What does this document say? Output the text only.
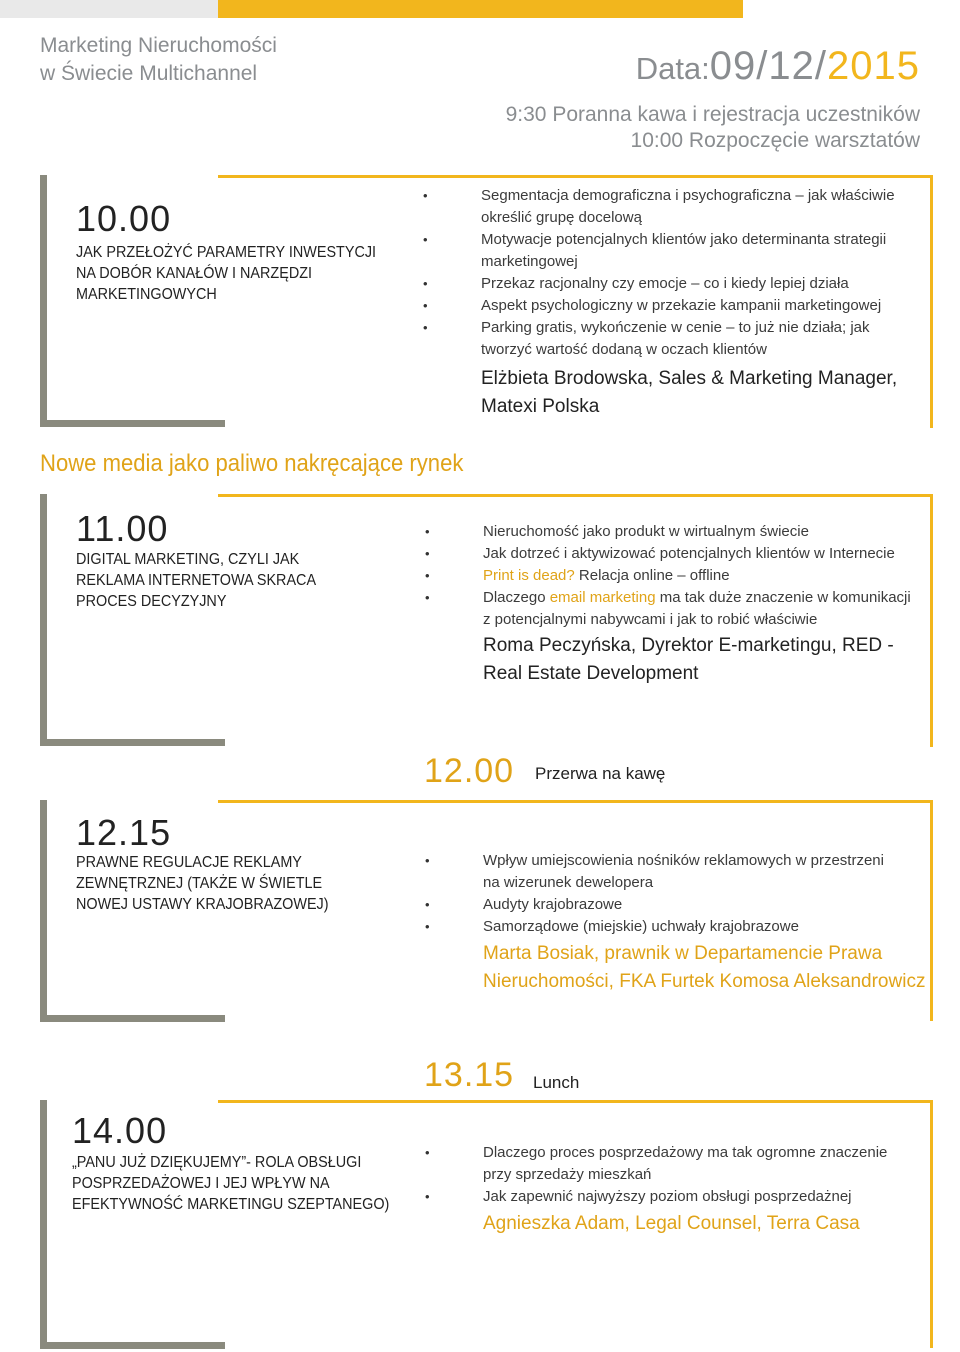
Marketing Nieruchomości
w Świecie Multichannel	Data:09/12/2015
9:30 Poranna kawa i rejestracja uczestników
10:00 Rozpoczęcie warsztatów
10.00
JAK PRZEŁOŻYĆ PARAMETRY INWESTYCJI
NA DOBÓR KANAŁÓW I NARZĘDZI
MARKETINGOWYCH
•	Segmentacja demograficzna i psychograficzna – jak właściwie
określić grupę docelową
•	Motywacje potencjalnych klientów jako determinanta strategii
marketingowej
•	Przekaz racjonalny czy emocje – co i kiedy lepiej działa
•	Aspekt psychologiczny w przekazie kampanii marketingowej
•	Parking gratis, wykończenie w cenie – to już nie działa; jak
tworzyć wartość dodaną w oczach klientów
Elżbieta Brodowska, Sales & Marketing Manager,
Matexi Polska
Nowe media jako paliwo nakręcające rynek
11.00
DIGITAL MARKETING, CZYLI JAK
REKLAMA INTERNETOWA SKRACA
PROCES DECYZYJNY
•	Nieruchomość jako produkt w wirtualnym świecie
•	Jak dotrzeć i aktywizować potencjalnych klientów w Internecie
•	Print is dead? Relacja online – offline
•	Dlaczego email marketing ma tak duże znaczenie w komunikacji
z potencjalnymi nabywcami i jak to robić właściwie
Roma Peczyńska, Dyrektor E-marketingu, RED -
Real Estate Development
12.00 Przerwa na kawę
12.15
PRAWNE REGULACJE REKLAMY
ZEWNĘTRZNEJ (TAKŻE W ŚWIETLE
NOWEJ USTAWY KRAJOBRAZOWEJ)
•	Wpływ umiejscowienia nośników reklamowych w przestrzeni
na wizerunek dewelopera
•	Audyty krajobrazowe
•	Samorządowe (miejskie) uchwały krajobrazowe
Marta Bosiak, prawnik w Departamencie Prawa
Nieruchomości, FKA Furtek Komosa Aleksandrowicz
13.15 Lunch
14.00
„PANU JUŻ DZIĘKUJEMY”- ROLA OBSŁUGI
POSPRZEDAŻOWEJ I JEJ WPŁYW NA
EFEKTYWNOŚĆ MARKETINGU SZEPTANEGO)
•	Dlaczego proces posprzedażowy ma tak ogromne znaczenie
przy sprzedaży mieszkań
•	Jak zapewnić najwyższy poziom obsługi posprzedażnej
Agnieszka Adam, Legal Counsel, Terra Casa
